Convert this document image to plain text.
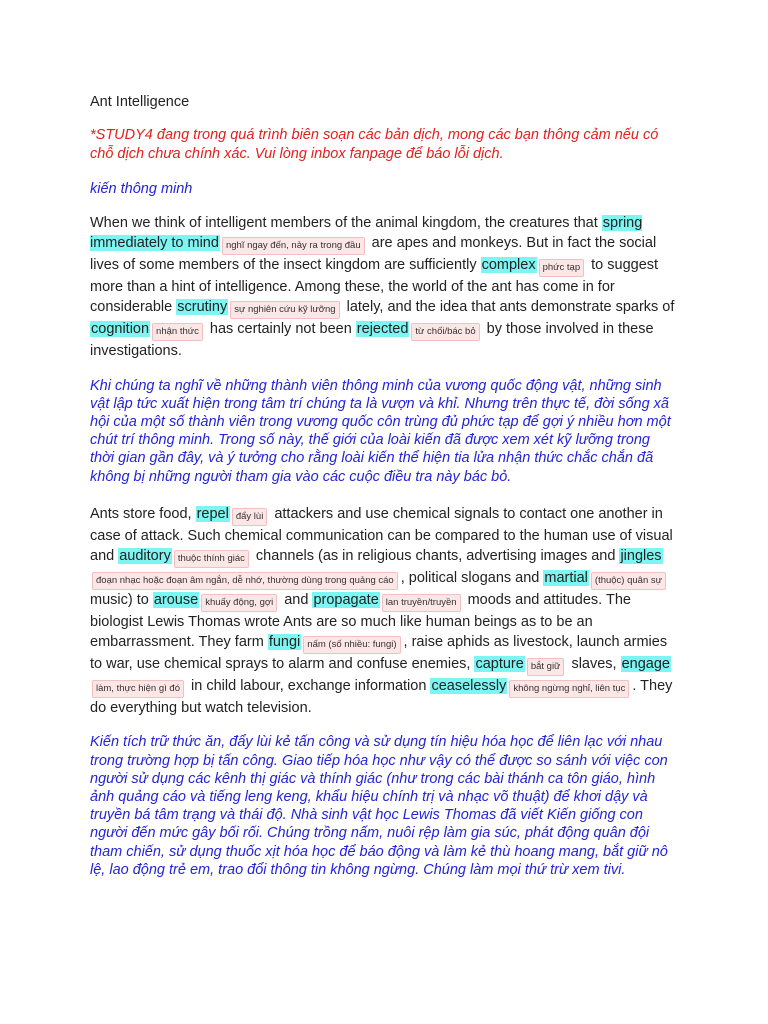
Ant Intelligence

*STUDY4 đang trong quá trình biên soạn các bản dịch, mong các bạn thông cảm nếu có chỗ dịch chưa chính xác. Vui lòng inbox fanpage để báo lỗi dịch.

kiến thông minh

When we think of intelligent members of the animal kingdom, the creatures that spring immediately to mind nghĩ ngay đến, nảy ra trong đầu are apes and monkeys. But in fact the social lives of some members of the insect kingdom are sufficiently complex phức tạp to suggest more than a hint of intelligence. Among these, the world of the ant has come in for considerable scrutiny sự nghiên cứu kỹ lưỡng lately, and the idea that ants demonstrate sparks of cognition nhận thức has certainly not been rejected từ chối/bác bỏ by those involved in these investigations.

Khi chúng ta nghĩ về những thành viên thông minh của vương quốc động vật, những sinh vật lập tức xuất hiện trong tâm trí chúng ta là vượn và khỉ. Nhưng trên thực tế, đời sống xã hội của một số thành viên trong vương quốc côn trùng đủ phức tạp để gợi ý nhiều hơn một chút trí thông minh. Trong số này, thế giới của loài kiến đã được xem xét kỹ lưỡng trong thời gian gần đây, và ý tưởng cho rằng loài kiến thể hiện tia lửa nhận thức chắc chắn đã không bị những người tham gia vào các cuộc điều tra này bác bỏ.

Ants store food, repel đẩy lùi attackers and use chemical signals to contact one another in case of attack. Such chemical communication can be compared to the human use of visual and auditory thuộc thính giác channels (as in religious chants, advertising images and jinglesđoạn nhạc hoặc đoạn âm ngắn, dễ nhớ, thường dùng trong quảng cáo , political slogans and martial (thuộc) quân sự music) to arouse khuấy động, gợi and propagate lan truyền/truyền moods and attitudes. The biologist Lewis Thomas wrote Ants are so much like human beings as to be an embarrassment. They farm fungi nấm (số nhiều: fungi) , raise aphids as livestock, launch armies to war, use chemical sprays to alarm and confuse enemies, capture bắt giữ slaves, engagelàm, thực hiện gì đó in child labour, exchange information ceaselessly không ngừng nghỉ, liên tục . They do everything but watch television.

Kiến tích trữ thức ăn, đẩy lùi kẻ tấn công và sử dụng tín hiệu hóa học để liên lạc với nhau trong trường hợp bị tấn công. Giao tiếp hóa học như vậy có thể được so sánh với việc con người sử dụng các kênh thị giác và thính giác (như trong các bài thánh ca tôn giáo, hình ảnh quảng cáo và tiếng leng keng, khẩu hiệu chính trị và nhạc võ thuật) để khơi dậy và truyền bá tâm trạng và thái độ. Nhà sinh vật học Lewis Thomas đã viết Kiến giống con người đến mức gây bối rối. Chúng trồng nấm, nuôi rệp làm gia súc, phát động quân đội tham chiến, sử dụng thuốc xịt hóa học để báo động và làm kẻ thù hoang mang, bắt giữ nô lệ, lao động trẻ em, trao đổi thông tin không ngừng. Chúng làm mọi thứ trừ xem tivi.
